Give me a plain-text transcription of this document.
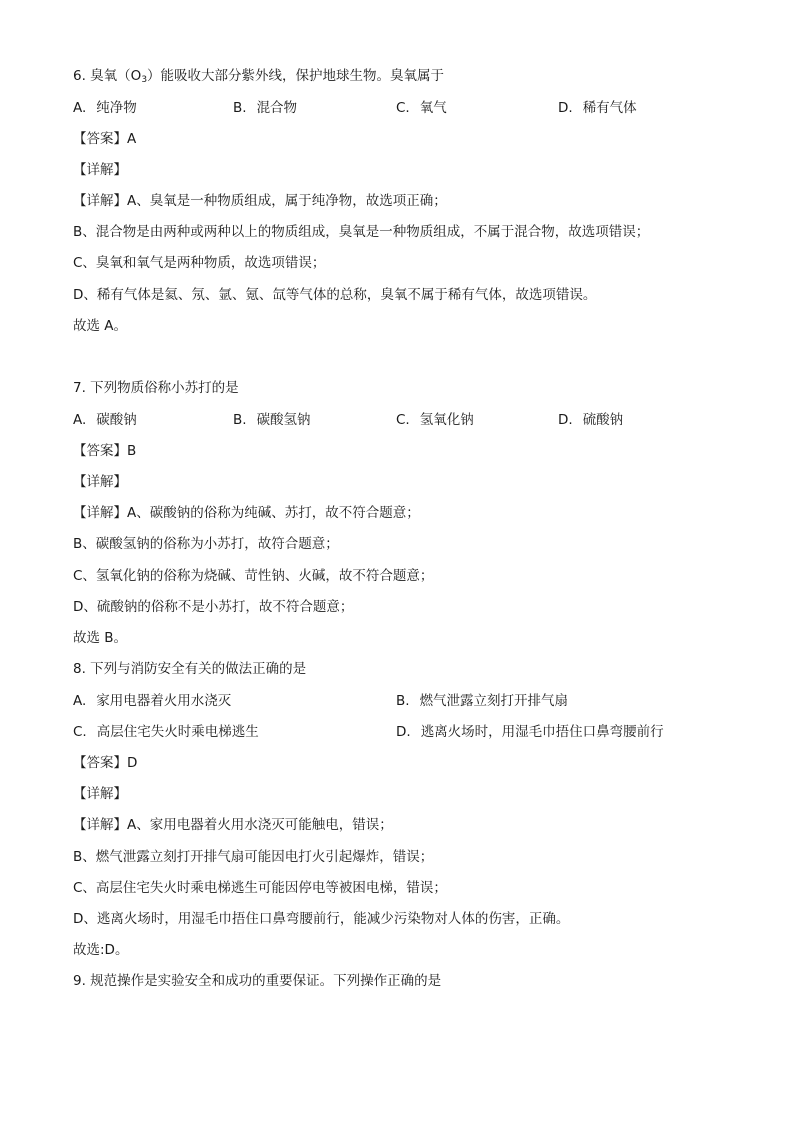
6. 臭氧$(O_3)$能吸收大部分紫外线，保护地球生物。臭氧属于
A. 纯净物	B. 混合物	C. 氧气	D. 稀有气体
【答案】A
【详解】
【详解】A、臭氧是一种物质组成，属于纯净物，故选项正确；
B、混合物是由两种或两种以上的物质组成，臭氧是一种物质组成，不属于混合物，故选项错误；
C、臭氧和氧气是两种物质，故选项错误；
D、稀有气体是氦、氖、氩、氪、氙等气体的总称，臭氧不属于稀有气体，故选项错误。
故选 A。
7. 下列物质俗称小苏打的是
A. 碳酸钠	B. 碳酸氢钠	C. 氢氧化钠	D. 硫酸钠
【答案】B
【详解】
【详解】A、碳酸钠的俗称为纯碱、苏打，故不符合题意；
B、碳酸氢钠的俗称为小苏打，故符合题意；
C、氢氧化钠的俗称为烧碱、苛性钠、火碱，故不符合题意；
D、硫酸钠的俗称不是小苏打，故不符合题意；
故选 B。
8. 下列与消防安全有关的做法正确的是
A. 家用电器着火用水浇灭	B. 燃气泄露立刻打开排气扇
C. 高层住宅失火时乘电梯逃生	D. 逃离火场时，用湿毛巾捂住口鼻弯腰前行
【答案】D
【详解】
【详解】A、家用电器着火用水浇灭可能触电，错误；
B、燃气泄露立刻打开排气扇可能因电打火引起爆炸，错误；
C、高层住宅失火时乘电梯逃生可能因停电等被困电梯，错误；
D、逃离火场时，用湿毛巾捂住口鼻弯腰前行，能减少污染物对人体的伤害，正确。
故选:D。
9. 规范操作是实验安全和成功的重要保证。下列操作正确的是
